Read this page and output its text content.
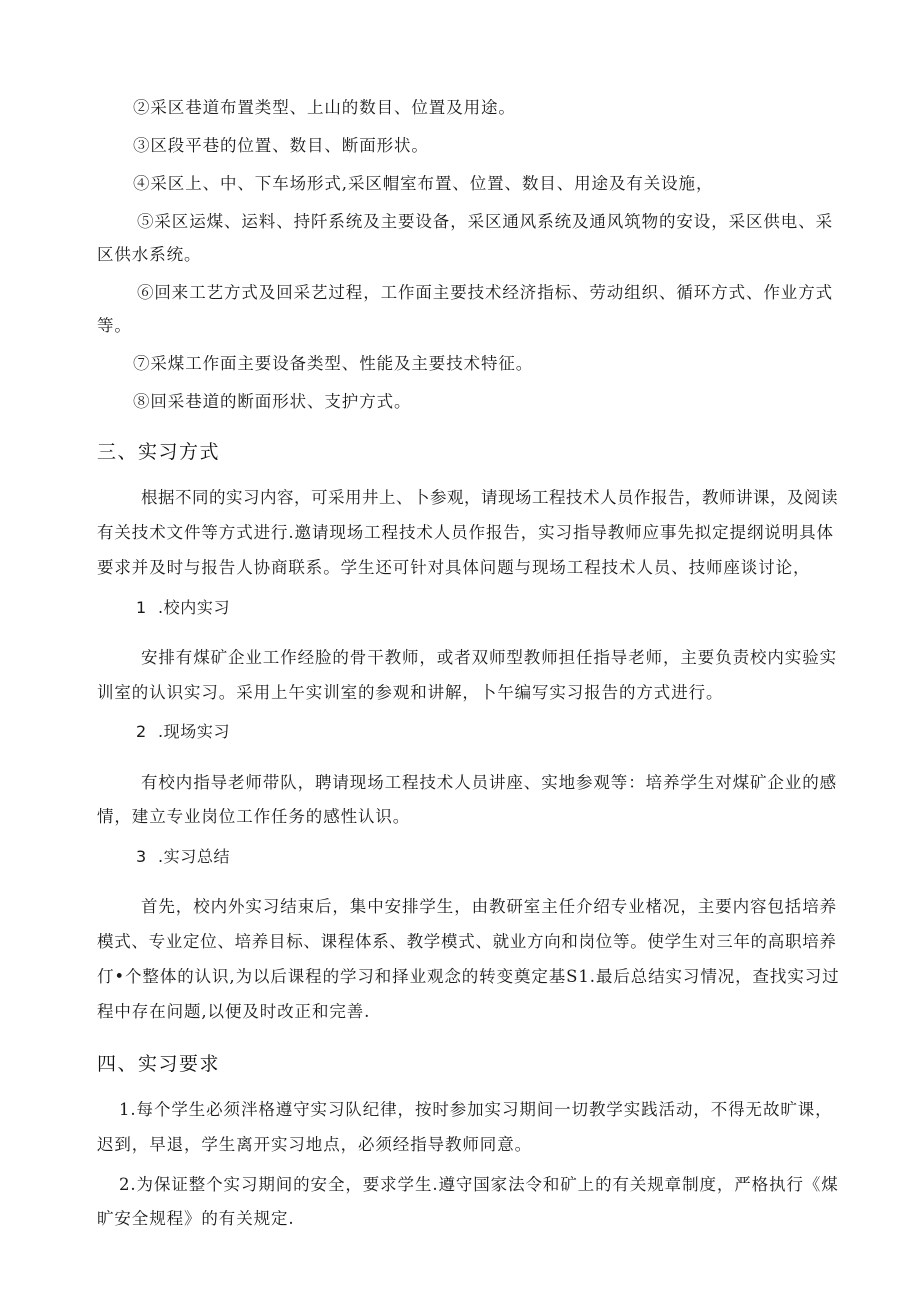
②采区巷道布置类型、上山的数目、位置及用途。
③区段平巷的位置、数目、断面形状。
④采区上、中、下车场形式,采区帽室布置、位置、数目、用途及有关设施，
⑤采区运煤、运料、持阡系统及主要设备，采区通风系统及通风筑物的安设，采区供电、采
区供水系统。
⑥回来工艺方式及回采艺过程，工作面主要技术经济指标、劳动组织、循环方式、作业方式
等。
⑦采煤工作面主要设备类型、性能及主要技术特征。
⑧回采巷道的断面形状、支护方式。
三、实习方式
根据不同的实习内容，可采用井上、卜参观，请现场工程技术人员作报告，教师讲课，及阅读
有关技术文件等方式进行.邀请现场工程技术人员作报告，实习指导教师应事先拟定提纲说明具体
要求并及时与报告人协商联系。学生还可针对具体问题与现场工程技术人员、技师座谈讨论，
1 .校内实习
安排有煤矿企业工作经脸的骨干教师，或者双师型教师担任指导老师，主要负责校内实验实
训室的认识实习。采用上午实训室的参观和讲解，卜午编写实习报告的方式进行。
2 .现场实习
有校内指导老师带队，聘请现场工程技术人员讲座、实地参观等：培养学生对煤矿企业的感
情，建立专业岗位工作任务的感性认识。
3 .实习总结
首先，校内外实习结束后，集中安排学生，由教研室主任介绍专业楮况，主要内容包括培养
模式、专业定位、培养目标、课程体系、教学模式、就业方向和岗位等。使学生对三年的高职培养
仃•个整体的认识,为以后课程的学习和择业观念的转变奠定基S1.最后总结实习情况，查找实习过
程中存在问题,以便及时改正和完善.
四、实习要求
1.每个学生必须泮格遵守实习队纪律，按时参加实习期间一切教学实践活动，不得无故旷课，
迟到，早退，学生离开实习地点，必须经指导教师同意。
2.为保证整个实习期间的安全，要求学生.遵守国家法令和矿上的有关规章制度，严格执行《煤
旷安全规程》的有关规定.
